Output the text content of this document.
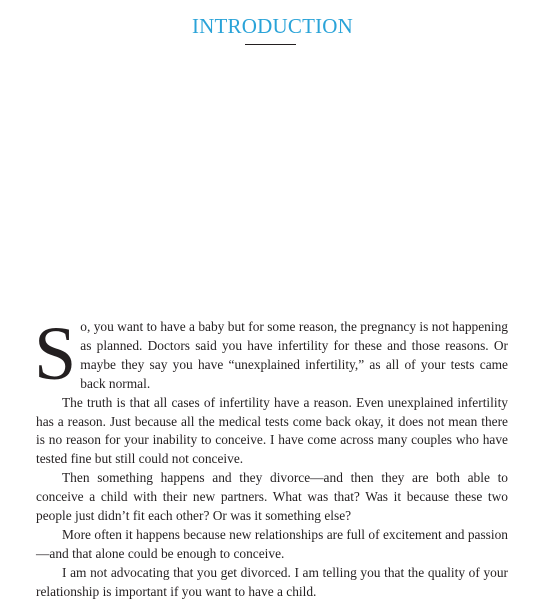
INTRODUCTION

So, you want to have a baby but for some reason, the pregnancy is not happening as planned. Doctors said you have infertility for these and those reasons. Or maybe they say you have “unexplained infertility,” as all of your tests came back normal.

The truth is that all cases of infertility have a reason. Even unexplained infertility has a reason. Just because all the medical tests come back okay, it does not mean there is no reason for your inability to conceive. I have come across many couples who have tested fine but still could not conceive.

Then something happens and they divorce—and then they are both able to conceive a child with their new partners. What was that? Was it because these two people just didn’t fit each other? Or was it something else?

More often it happens because new relationships are full of excitement and passion—and that alone could be enough to conceive.

I am not advocating that you get divorced. I am telling you that the quality of your relationship is important if you want to have a child.
